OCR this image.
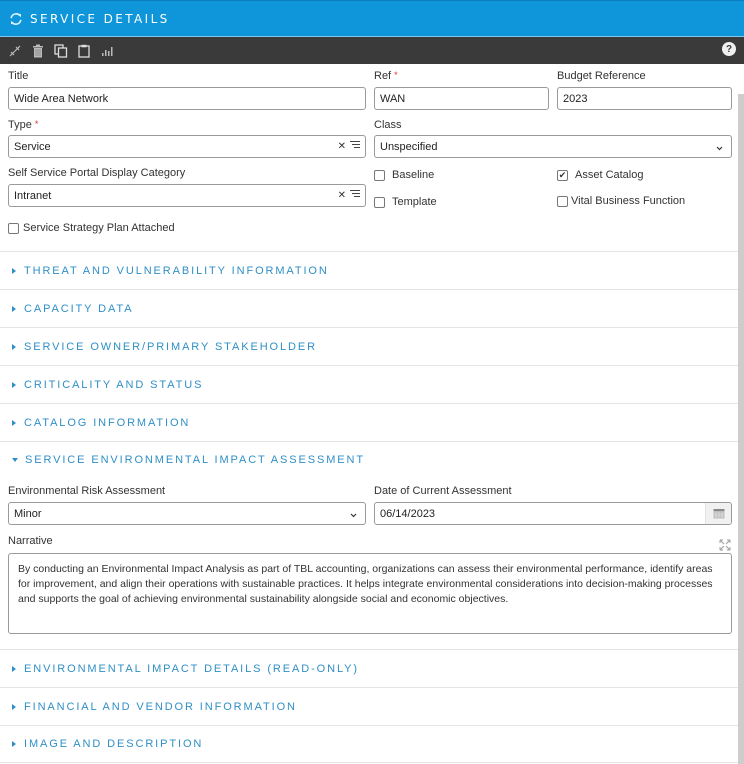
SERVICE DETAILS
?
Title
Wide Area Network
Ref *
WAN
Budget Reference
2023
Type *
Service	✕
Class
Unspecified
Self Service Portal Display Category
Intranet	✕
Baseline	✔ Asset Catalog
Template	Vital Business Function
Service Strategy Plan Attached
THREAT AND VULNERABILITY INFORMATION
CAPACITY DATA
SERVICE OWNER/PRIMARY STAKEHOLDER
CRITICALITY AND STATUS
CATALOG INFORMATION
SERVICE ENVIRONMENTAL IMPACT ASSESSMENT
Environmental Risk Assessment
Minor
Date of Current Assessment
06/14/2023
Narrative
By conducting an Environmental Impact Analysis as part of TBL accounting, organizations can assess their environmental performance, identify areas for improvement, and align their operations with sustainable practices. It helps integrate environmental considerations into decision-making processes and supports the goal of achieving environmental sustainability alongside social and economic objectives.
ENVIRONMENTAL IMPACT DETAILS (READ-ONLY)
FINANCIAL AND VENDOR INFORMATION
IMAGE AND DESCRIPTION
